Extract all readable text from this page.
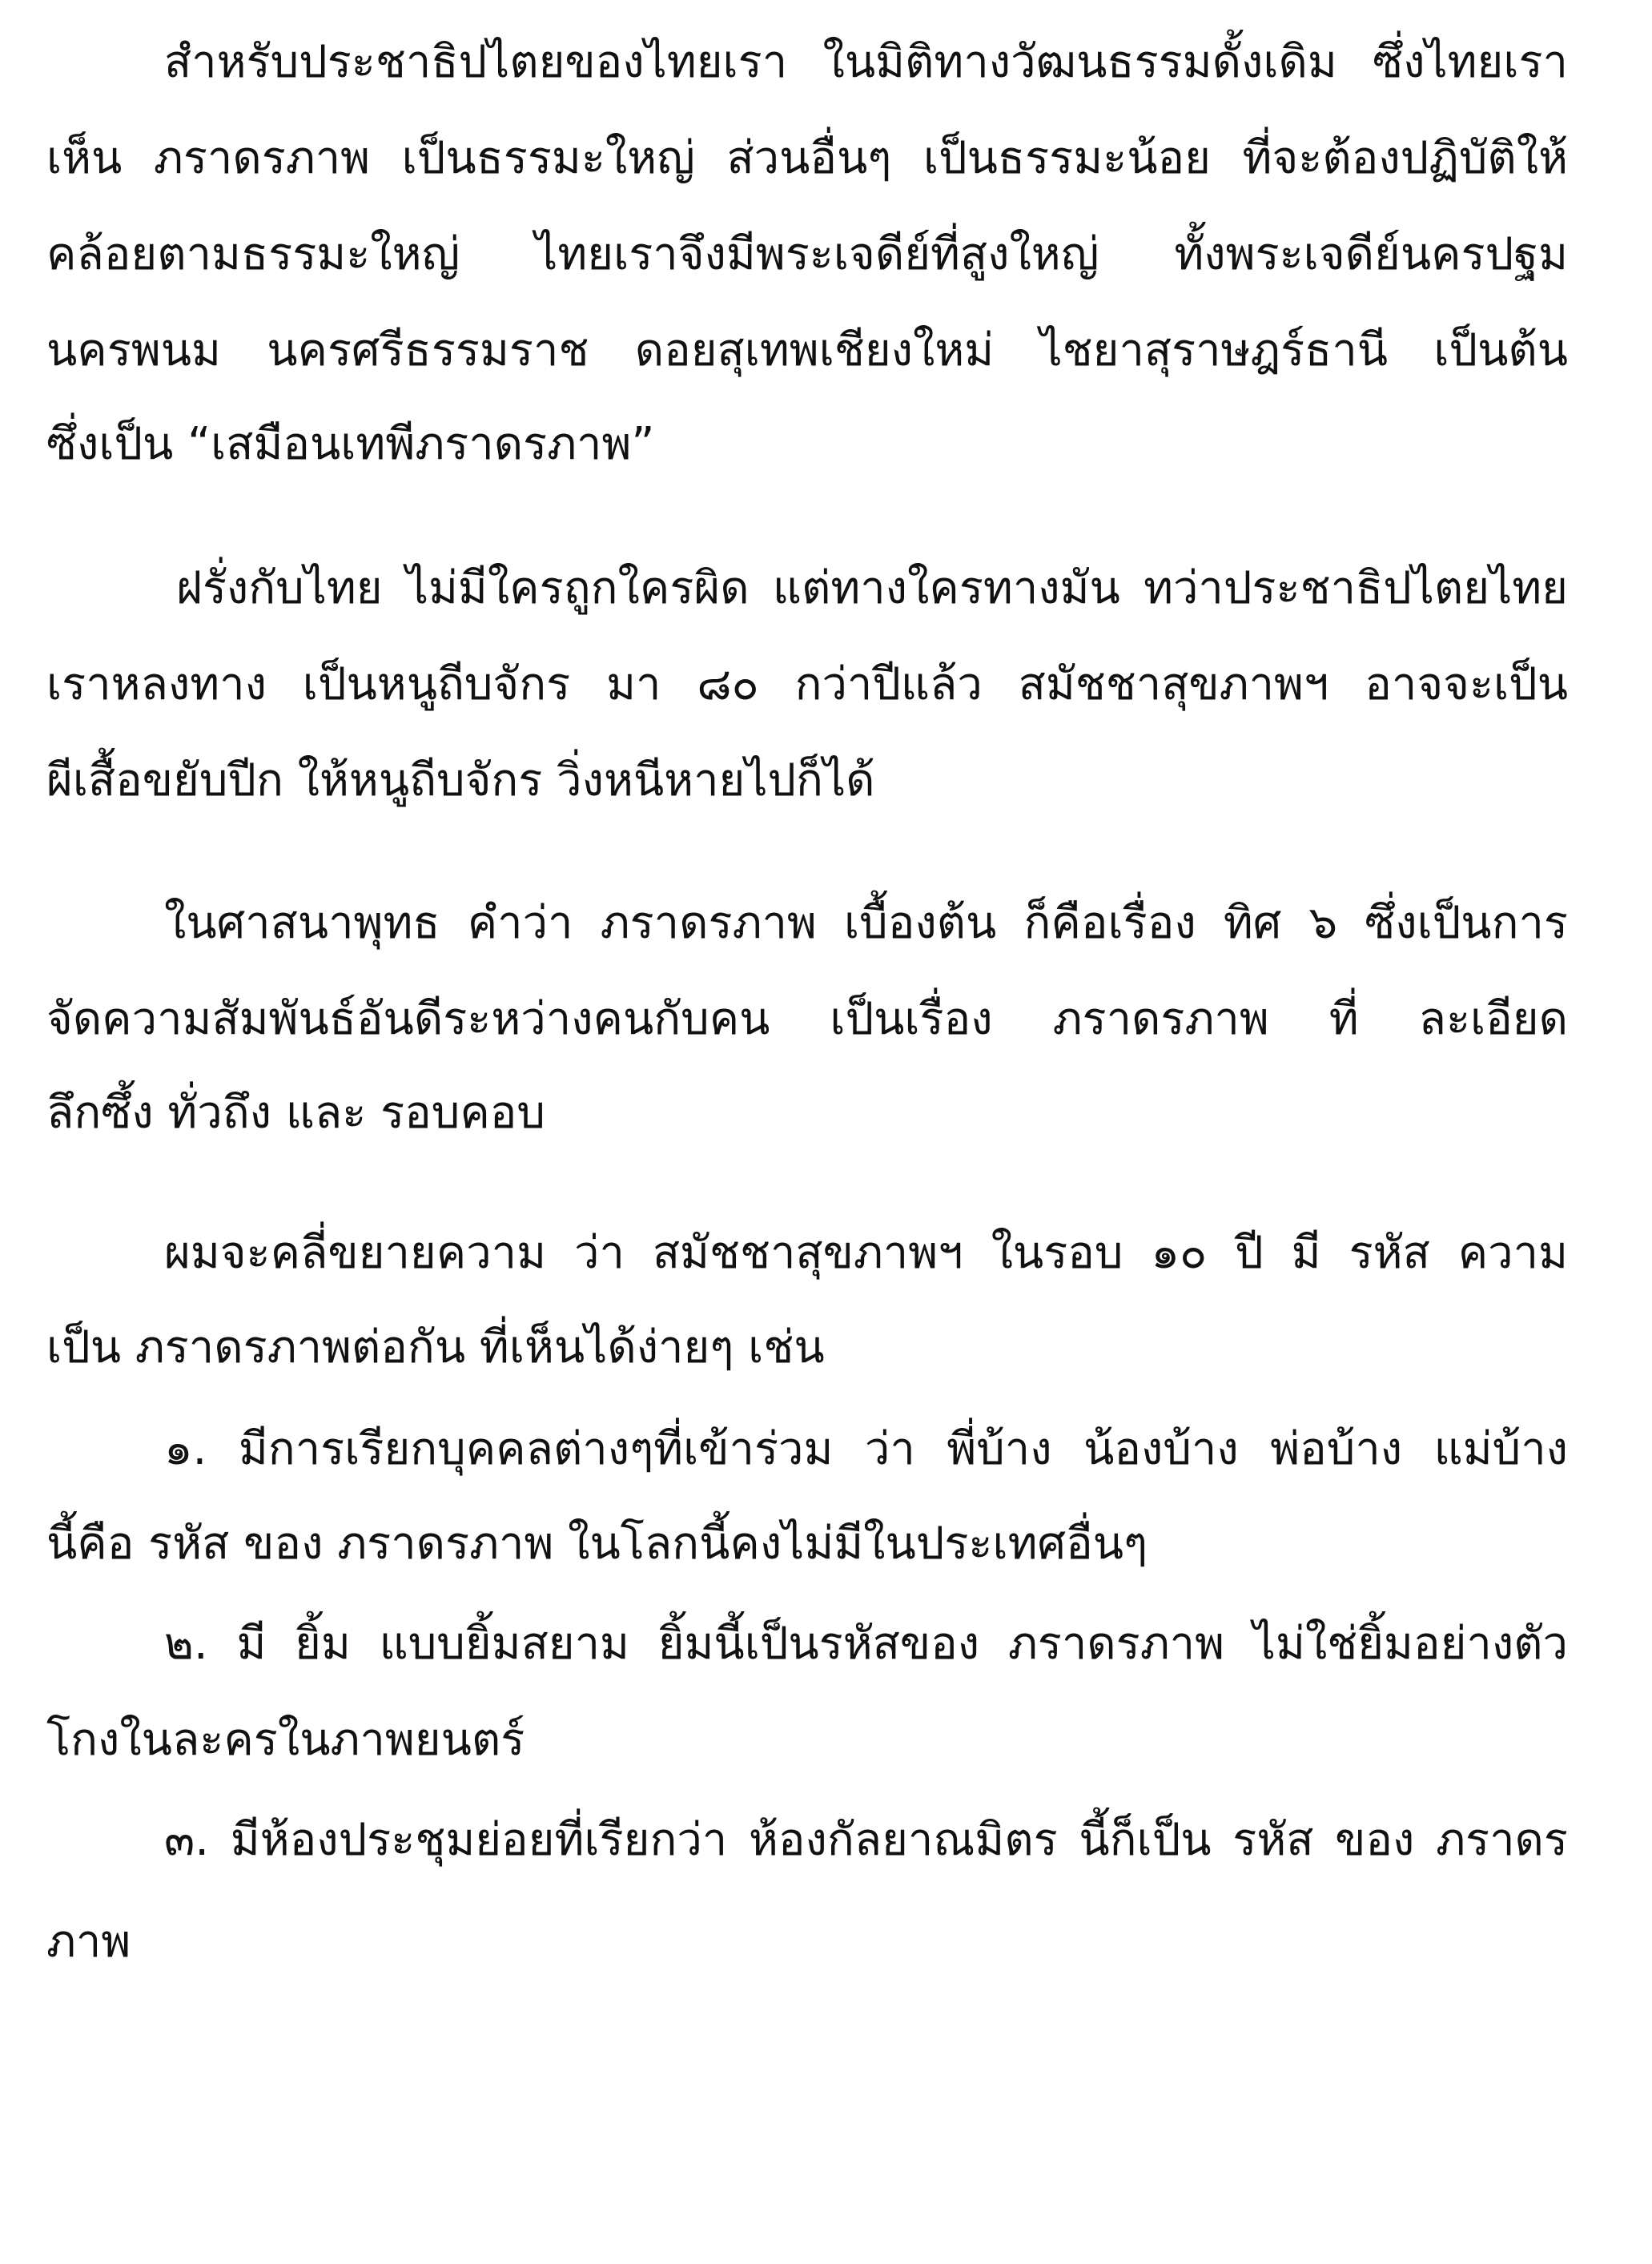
สำหรับประชาธิปไตยของไทยเรา ในมิติทางวัฒนธรรมดั้งเดิม ซึ่งไทยเรา
เห็น ภราดรภาพ เป็นธรรมะใหญ่ ส่วนอื่นๆ เป็นธรรมะน้อย ที่จะต้องปฏิบัติให้
คล้อยตามธรรมะใหญ่ ไทยเราจึงมีพระเจดีย์ที่สูงใหญ่ ทั้งพระเจดีย์นครปฐม
นครพนม นครศรีธรรมราช ดอยสุเทพเชียงใหม่ ไชยาสุราษฎร์ธานี เป็นต้น
ซึ่งเป็น “เสมือนเทพีภราดรภาพ”
ฝรั่งกับไทย ไม่มีใครถูกใครผิด แต่ทางใครทางมัน ทว่าประชาธิปไตยไทย
เราหลงทาง เป็นหนูถีบจักร มา ๘๐ กว่าปีแล้ว สมัชชาสุขภาพฯ อาจจะเป็น
ผีเสื้อขยับปีก ให้หนูถีบจักร วิ่งหนีหายไปก็ได้
ในศาสนาพุทธ คำว่า ภราดรภาพ เบื้องต้น ก็คือเรื่อง ทิศ ๖ ซึ่งเป็นการ
จัดความสัมพันธ์อันดีระหว่างคนกับคน เป็นเรื่อง ภราดรภาพ ที่ ละเอียด
ลึกซึ้ง ทั่วถึง และ รอบคอบ
ผมจะคลี่ขยายความ ว่า สมัชชาสุขภาพฯ ในรอบ ๑๐ ปี มี รหัส ความ
เป็น ภราดรภาพต่อกัน ที่เห็นได้ง่ายๆ เช่น
๑. มีการเรียกบุคคลต่างๆที่เข้าร่วม ว่า พี่บ้าง น้องบ้าง พ่อบ้าง แม่บ้าง
นี้คือ รหัส ของ ภราดรภาพ ในโลกนี้คงไม่มีในประเทศอื่นๆ
๒. มี ยิ้ม แบบยิ้มสยาม ยิ้มนี้เป็นรหัสของ ภราดรภาพ ไม่ใช่ยิ้มอย่างตัว
โกงในละครในภาพยนตร์
๓. มีห้องประชุมย่อยที่เรียกว่า ห้องกัลยาณมิตร นี้ก็เป็น รหัส ของ ภราดร
ภาพ
